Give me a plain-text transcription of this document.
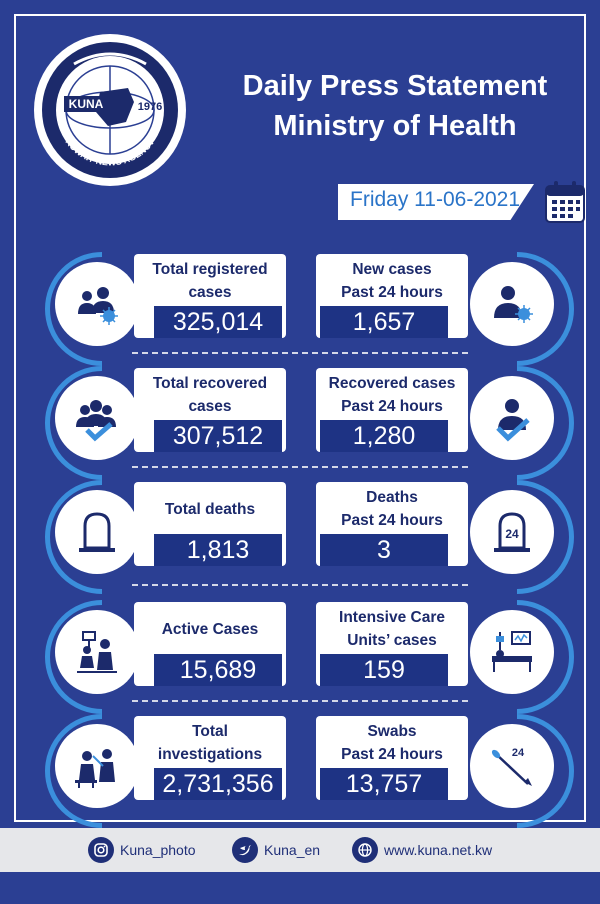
KUNA	1976
KUWAIT NEWS AGENCY
Daily Press Statement
Ministry of Health
Friday 11-06-2021
Total registered
cases
325,014
New cases
Past 24 hours
1,657
Total recovered
cases
307,512
Recovered cases
Past 24 hours
1,280
Total deaths
1,813
Deaths
Past 24 hours
3
24
Active Cases
15,689
Intensive Care
Units’ cases
159
Total
investigations
2,731,356
Swabs
Past 24 hours
13,757
24
Kuna_photo	Kuna_en	www.kuna.net.kw
